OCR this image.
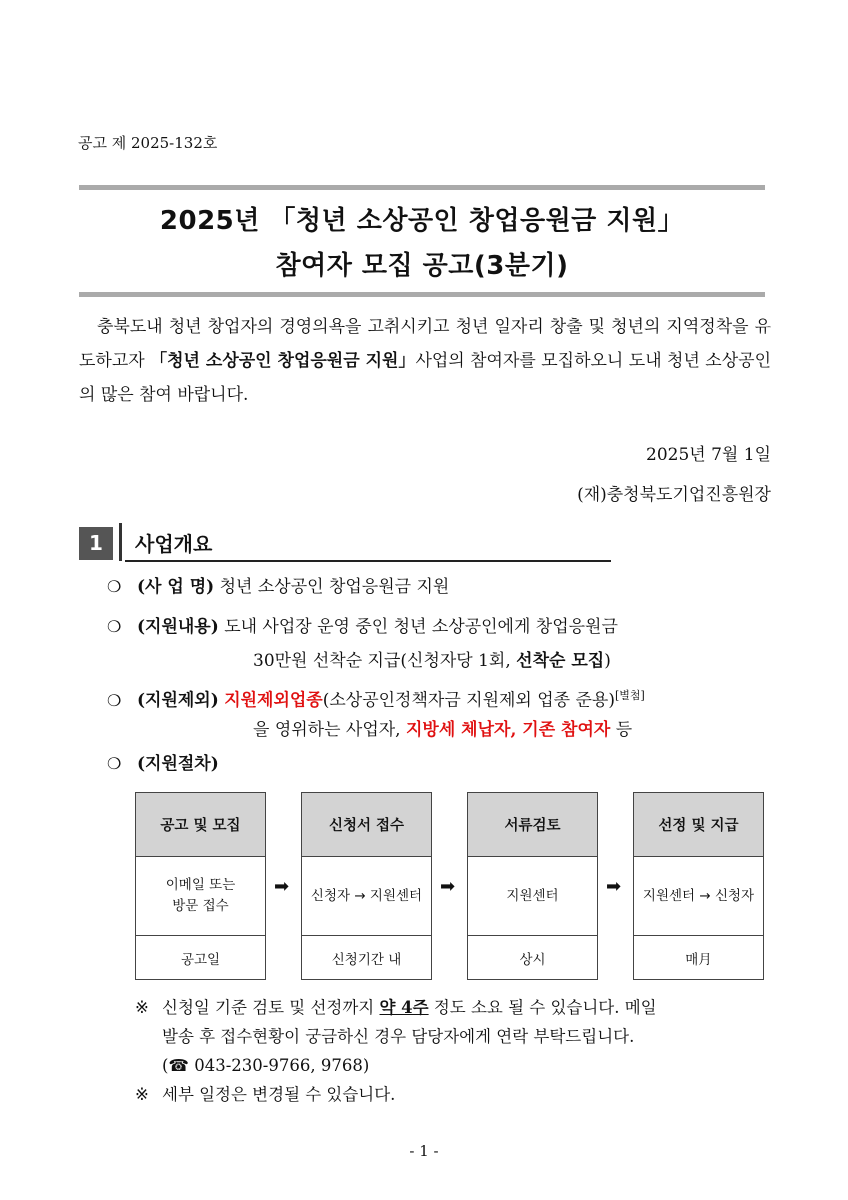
공고 제 2025-132호
2025년 「청년 소상공인 창업응원금 지원」
참여자 모집 공고(3분기)
충북도내 청년 창업자의 경영의욕을 고취시키고 청년 일자리 창출 및 청년의 지역정착을 유도하고자 「청년 소상공인 창업응원금 지원」사업의 참여자를 모집하오니 도내 청년 소상공인의 많은 참여 바랍니다.
2025년 7월 1일
(재)충청북도기업진흥원장
1	사업개요
❍ (사 업 명) 청년 소상공인 창업응원금 지원
❍ (지원내용) 도내 사업장 운영 중인 청년 소상공인에게 창업응원금
30만원 선착순 지급(신청자당 1회, 선착순 모집)
❍ (지원제외) 지원제외업종(소상공인정책자금 지원제외 업종 준용)[별첨]
을 영위하는 사업자, 지방세 체납자, 기존 참여자 등
❍ (지원절차)
공고 및 모집
이메일 또는
방문 접수
공고일
➡
신청서 접수
신청자 → 지원센터
신청기간 내
➡
서류검토
지원센터
상시
➡
선정 및 지급
지원센터 → 신청자
매月
※ 신청일 기준 검토 및 선정까지 약 4주 정도 소요 될 수 있습니다. 메일
발송 후 접수현황이 궁금하신 경우 담당자에게 연락 부탁드립니다.
(☎ 043-230-9766, 9768)
※ 세부 일정은 변경될 수 있습니다.
- 1 -
